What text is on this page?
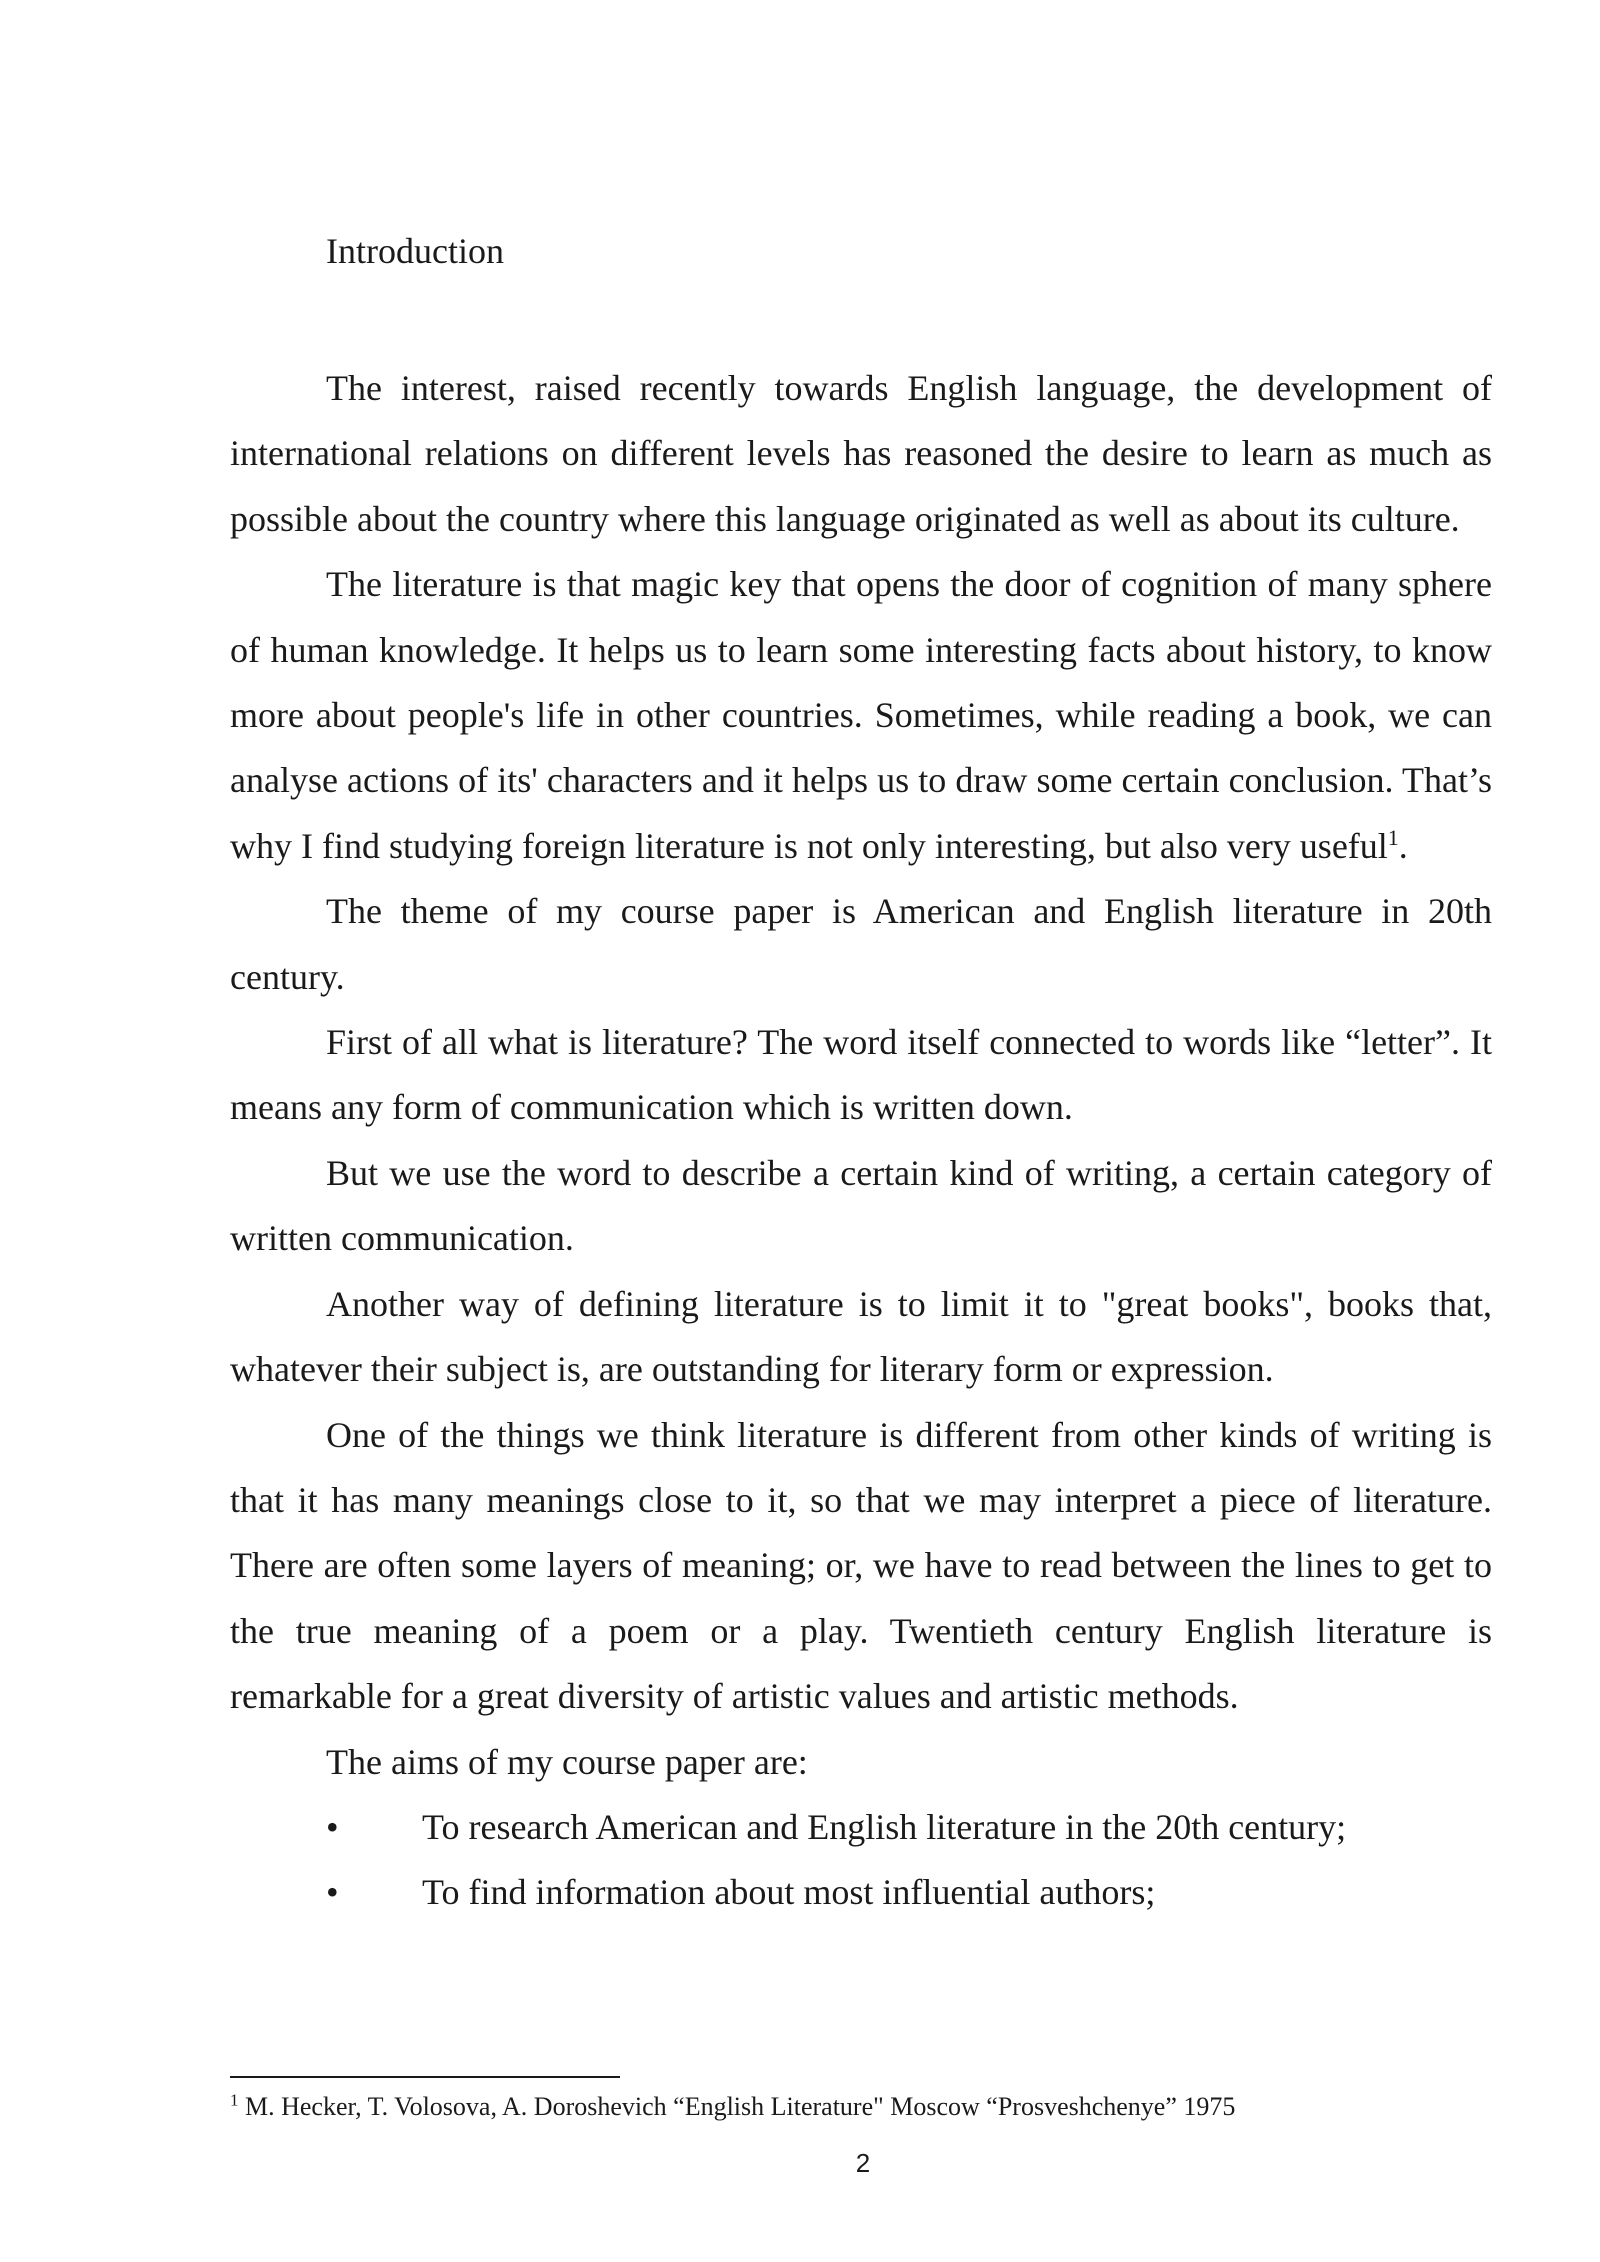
Introduction

The interest, raised recently towards English language, the development of international relations on different levels has reasoned the desire to learn as much as possible about the country where this language originated as well as about its culture.

The literature is that magic key that opens the door of cognition of many sphere of human knowledge. It helps us to learn some interesting facts about history, to know more about people's life in other countries. Sometimes, while reading a book, we can analyse actions of its' characters and it helps us to draw some certain conclusion. That’s why I find studying foreign literature is not only interesting, but also very useful$^1$.

The theme of my course paper is American and English literature in 20th century.

First of all what is literature? The word itself connected to words like “letter”. It means any form of communication which is written down.

But we use the word to describe a certain kind of writing, a certain category of written communication.

Another way of defining literature is to limit it to "great books", books that, whatever their subject is, are outstanding for literary form or expression.

One of the things we think literature is different from other kinds of writing is that it has many meanings close to it, so that we may interpret a piece of literature. There are often some layers of meaning; or, we have to read between the lines to get to the true meaning of a poem or a play. Twentieth century English literature is remarkable for a great diversity of artistic values and artistic methods.

The aims of my course paper are:

•	To research American and English literature in the 20th century;
•	To find information about most influential authors;

$^1$ M. Hecker, T. Volosova, A. Doroshevich “English Literature" Moscow “Prosveshchenye” 1975

2
